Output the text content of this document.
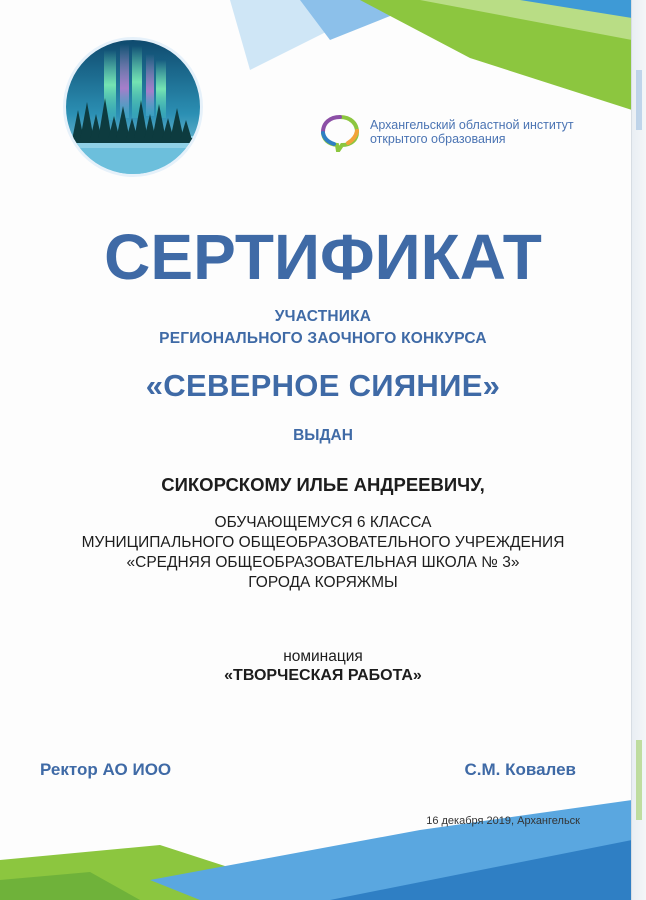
Архангельский областной институт
открытого образования
СЕРТИФИКАТ
УЧАСТНИКА
РЕГИОНАЛЬНОГО ЗАОЧНОГО КОНКУРСА
«СЕВЕРНОЕ СИЯНИЕ»
ВЫДАН
СИКОРСКОМУ ИЛЬЕ АНДРЕЕВИЧУ,
ОБУЧАЮЩЕМУСЯ 6 КЛАССА
МУНИЦИПАЛЬНОГО ОБЩЕОБРАЗОВАТЕЛЬНОГО УЧРЕЖДЕНИЯ
«СРЕДНЯЯ ОБЩЕОБРАЗОВАТЕЛЬНАЯ ШКОЛА № 3»
ГОРОДА КОРЯЖМЫ
номинация
«ТВОРЧЕСКАЯ РАБОТА»
Ректор АО ИОО	С.М. Ковалев
16 декабря 2019, Архангельск
